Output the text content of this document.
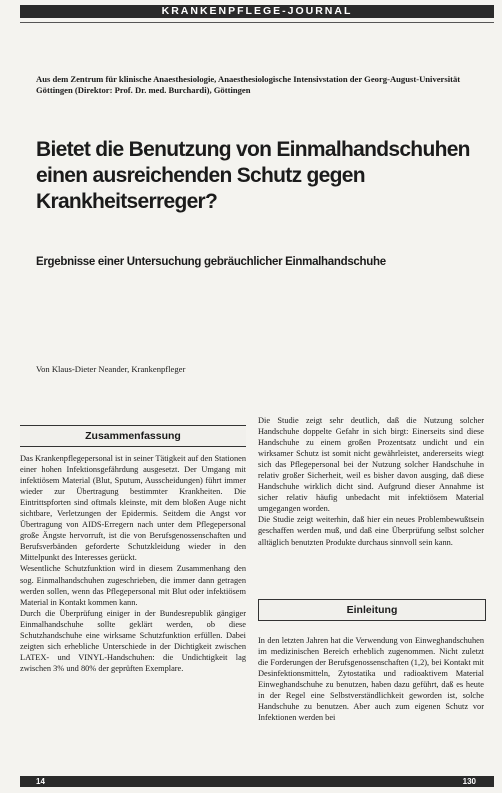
KRANKENPFLEGE-JOURNAL
Aus dem Zentrum für klinische Anaesthesiologie, Anaesthesiologische Intensivstation der Georg-August-Universität Göttingen (Direktor: Prof. Dr. med. Burchardi), Göttingen
Bietet die Benutzung von Einmalhandschuhen einen ausreichenden Schutz gegen Krankheitserreger?
Ergebnisse einer Untersuchung gebräuchlicher Einmalhandschuhe
Von Klaus-Dieter Neander, Krankenpfleger
Zusammenfassung

Das Krankenpflegepersonal ist in seiner Tätigkeit auf den Stationen einer hohen Infektionsgefährdung ausgesetzt. Der Umgang mit infektiösem Material (Blut, Sputum, Ausscheidungen) führt immer wieder zur Übertragung bestimmter Krankheiten. Die Eintrittspforten sind oftmals kleinste, mit dem bloßen Auge nicht sichtbare, Verletzungen der Epidermis. Seitdem die Angst vor Übertragung von AIDS-Erregern nach unter dem Pflegepersonal große Ängste hervorruft, ist die von Berufsgenossenschaften und Berufsverbänden geforderte Schutzkleidung wieder in den Mittelpunkt des Interesses gerückt.

Wesentliche Schutzfunktion wird in diesem Zusammenhang den sog. Einmalhandschuhen zugeschrieben, die immer dann getragen werden sollen, wenn das Pflegepersonal mit Blut oder infektiösem Material in Kontakt kommen kann.

Durch die Überprüfung einiger in der Bundesrepublik gängiger Einmalhandschuhe sollte geklärt werden, ob diese Schutzhandschuhe eine wirksame Schutzfunktion erfüllen. Dabei zeigten sich erhebliche Unterschiede in der Dichtigkeit zwischen LATEX- und VINYL-Handschuhen: die Undichtigkeit lag zwischen 3% und 80% der geprüften Exemplare.

Die Studie zeigt sehr deutlich, daß die Nutzung solcher Handschuhe doppelte Gefahr in sich birgt: Einerseits sind diese Handschuhe zu einem großen Prozentsatz undicht und ein wirksamer Schutz ist somit nicht gewährleistet, andererseits wiegt sich das Pflegepersonal bei der Nutzung solcher Handschuhe in relativ großer Sicherheit, weil es bisher davon ausging, daß diese Handschuhe wirklich dicht sind. Aufgrund dieser Annahme ist sicher relativ häufig unbedacht mit infektiösem Material umgegangen worden.

Die Studie zeigt weiterhin, daß hier ein neues Problembewußtsein geschaffen werden muß, und daß eine Überprüfung selbst solcher alltäglich benutzten Produkte durchaus sinnvoll sein kann.

Einleitung

In den letzten Jahren hat die Verwendung von Einweghandschuhen im medizinischen Bereich erheblich zugenommen. Nicht zuletzt die Forderungen der Berufsgenossenschaften (1,2), bei Kontakt mit Desinfektionsmitteln, Zytostatika und radioaktivem Material Einweghandschuhe zu benutzen, haben dazu geführt, daß es heute in der Regel eine Selbstverständlichkeit geworden ist, solche Handschuhe zu benutzen. Aber auch zum eigenen Schutz vor Infektionen werden bei

14	130
